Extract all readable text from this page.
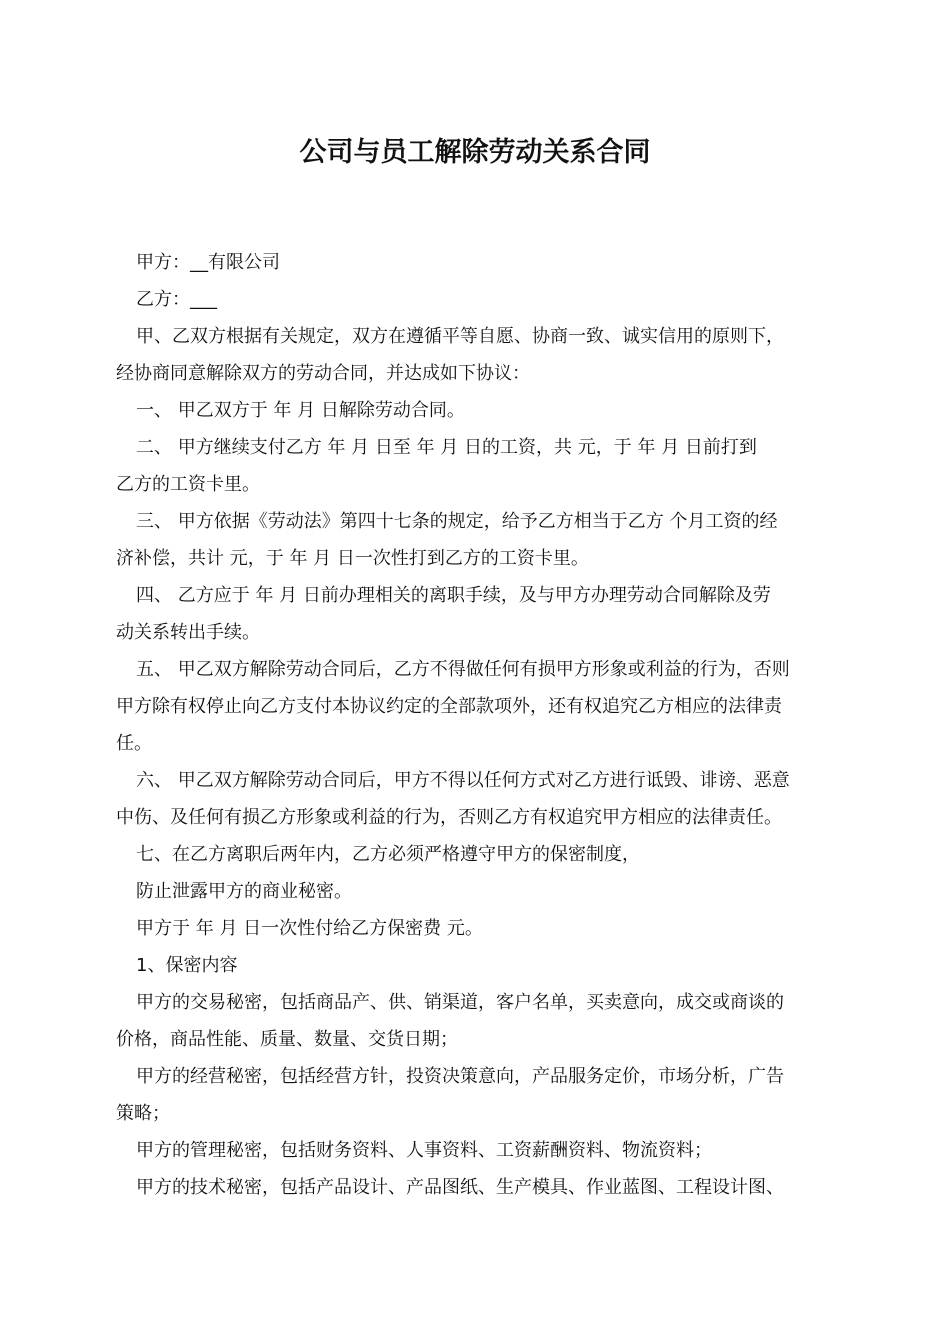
公司与员工解除劳动关系合同
甲方：__有限公司
乙方：___
甲、乙双方根据有关规定，双方在遵循平等自愿、协商一致、诚实信用的原则下，
经协商同意解除双方的劳动合同，并达成如下协议：
一、 甲乙双方于 年 月 日解除劳动合同。
二、 甲方继续支付乙方 年 月 日至 年 月 日的工资，共 元，于 年 月 日前打到
乙方的工资卡里。
三、 甲方依据《劳动法》第四十七条的规定，给予乙方相当于乙方 个月工资的经
济补偿，共计 元，于 年 月 日一次性打到乙方的工资卡里。
四、 乙方应于 年 月 日前办理相关的离职手续，及与甲方办理劳动合同解除及劳
动关系转出手续。
五、 甲乙双方解除劳动合同后，乙方不得做任何有损甲方形象或利益的行为，否则
甲方除有权停止向乙方支付本协议约定的全部款项外，还有权追究乙方相应的法律责
任。
六、 甲乙双方解除劳动合同后，甲方不得以任何方式对乙方进行诋毁、诽谤、恶意
中伤、及任何有损乙方形象或利益的行为，否则乙方有权追究甲方相应的法律责任。
七、在乙方离职后两年内，乙方必须严格遵守甲方的保密制度，
防止泄露甲方的商业秘密。
甲方于 年 月 日一次性付给乙方保密费 元。
1、保密内容
甲方的交易秘密，包括商品产、供、销渠道，客户名单，买卖意向，成交或商谈的
价格，商品性能、质量、数量、交货日期；
甲方的经营秘密，包括经营方针，投资决策意向，产品服务定价，市场分析，广告
策略；
甲方的管理秘密，包括财务资料、人事资料、工资薪酬资料、物流资料；
甲方的技术秘密，包括产品设计、产品图纸、生产模具、作业蓝图、工程设计图、
